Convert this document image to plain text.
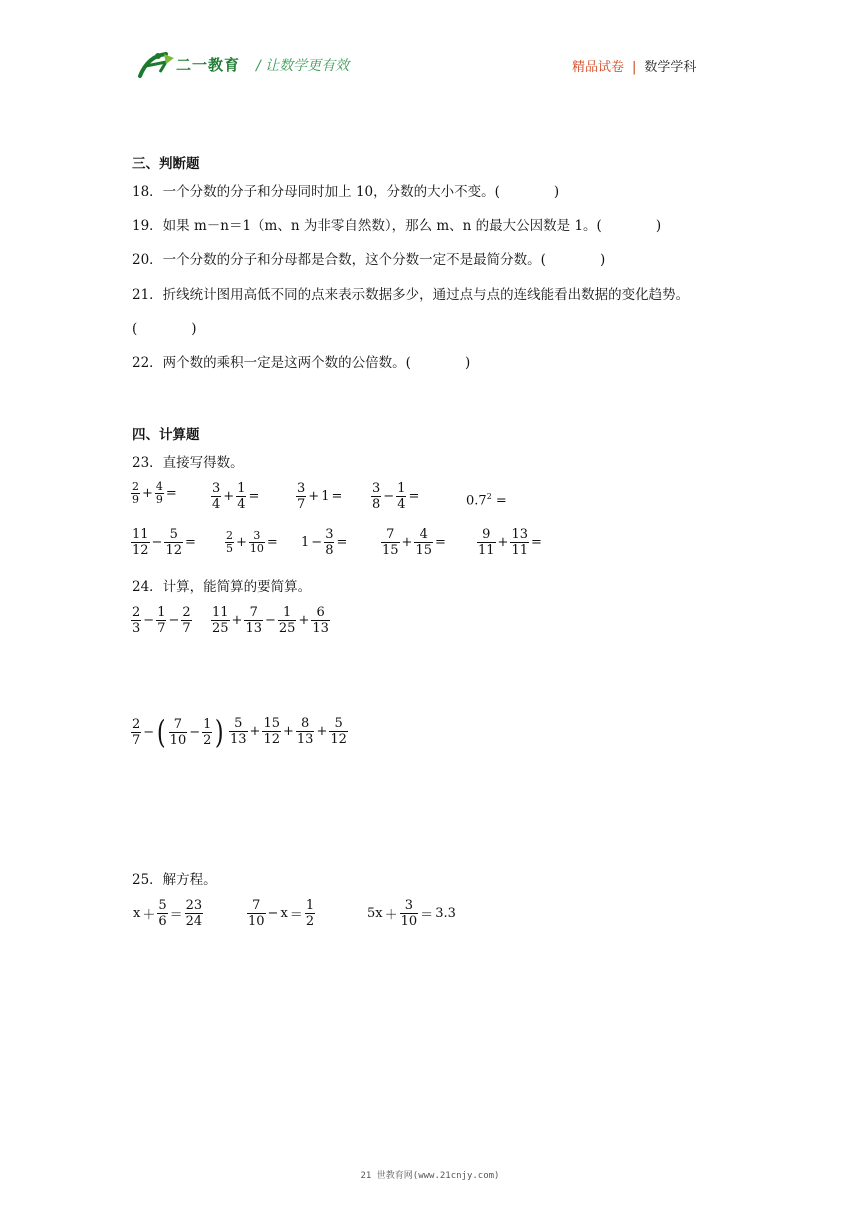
二一教育 / 让数学更有效	精品试卷 | 数学学科
三、判断题
18．一个分数的分子和分母同时加上 10，分数的大小不变。(　　　　)
19．如果 m－n＝1（m、n 为非零自然数），那么 m、n 的最大公因数是 1。(　　　　)
20．一个分数的分子和分母都是合数，这个分数一定不是最简分数。(　　　　)
21．折线统计图用高低不同的点来表示数据多少，通过点与点的连线能看出数据的变化趋势。
(　　　　)
22．两个数的乘积一定是这两个数的公倍数。(　　　　)
四、计算题
23．直接写得数。
$\frac{2}{9} + \frac{4}{9}$ =	$\frac{3}{4} + \frac{1}{4}$ =	$\frac{3}{7} + 1 = \frac{3}{8} - \frac{1}{4}$ =	$0.7^2$ =
$\frac{11}{12} - \frac{5}{12}$ =	$\frac{2}{5} + \frac{3}{10} = 1 - \frac{3}{8}$ =	$\frac{7}{15} + \frac{4}{15} = \frac{9}{11} + \frac{13}{11}$ =
24．计算，能简算的要简算。
$\frac{2}{3} - \frac{1}{7} - \frac{2}{7} \frac{11}{25} + \frac{7}{13} - \frac{1}{25} + \frac{6}{13}$
$\frac{2}{7}$ −( $\frac{7}{10} - \frac{1}{2}$ ) $\frac{5}{13} + \frac{15}{12} + \frac{8}{13} + \frac{5}{12}$
25．解方程。
$x + \frac{5}{6} = \frac{23}{24}$	$\frac{7}{10} - x = \frac{1}{2}$	$5x + \frac{3}{10} = 3.3$
21 世教育网(www.21cnjy.com)
